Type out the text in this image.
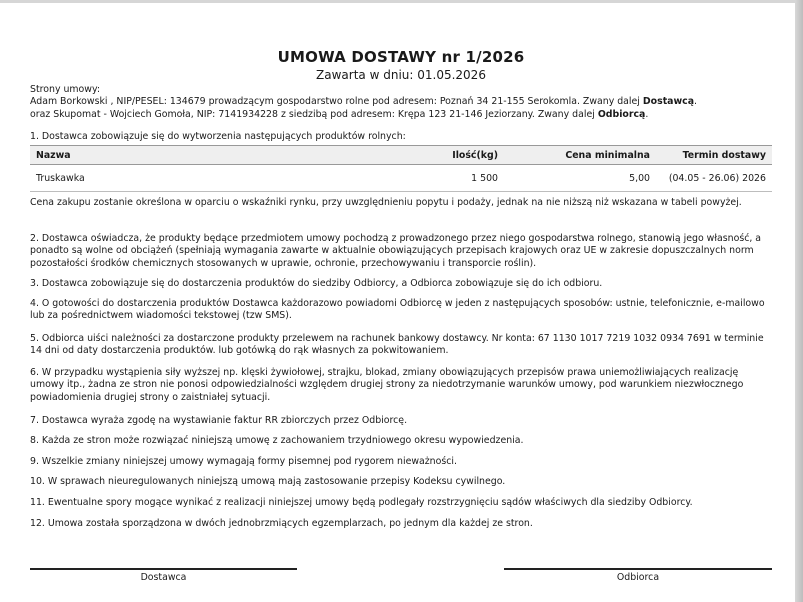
UMOWA DOSTAWY nr 1/2026
Zawarta w dniu: 01.05.2026
Strony umowy:
Adam Borkowski , NIP/PESEL: 134679 prowadzącym gospodarstwo rolne pod adresem: Poznań 34 21-155 Serokomla. Zwany dalej Dostawcą.
oraz Skupomat - Wojciech Gomoła, NIP: 7141934228 z siedzibą pod adresem: Krępa 123 21-146 Jeziorzany. Zwany dalej Odbiorcą.
1. Dostawca zobowiązuje się do wytworzenia następujących produktów rolnych:
Nazwa	Ilość(kg)	Cena minimalna	Termin dostawy
Truskawka	1 500	5,00	(04.05 - 26.06) 2026
Cena zakupu zostanie określona w oparciu o wskaźniki rynku, przy uwzględnieniu popytu i podaży, jednak na nie niższą niż wskazana w tabeli powyżej.
2. Dostawca oświadcza, że produkty będące przedmiotem umowy pochodzą z prowadzonego przez niego gospodarstwa rolnego, stanowią jego własność, a ponadto są wolne od obciążeń (spełniają wymagania zawarte w aktualnie obowiązujących przepisach krajowych oraz UE w zakresie dopuszczalnych norm pozostałości środków chemicznych stosowanych w uprawie, ochronie, przechowywaniu i transporcie roślin).
3. Dostawca zobowiązuje się do dostarczenia produktów do siedziby Odbiorcy, a Odbiorca zobowiązuje się do ich odbioru.
4. O gotowości do dostarczenia produktów Dostawca każdorazowo powiadomi Odbiorcę w jeden z następujących sposobów: ustnie, telefonicznie, e-mailowo lub za pośrednictwem wiadomości tekstowej (tzw SMS).
5. Odbiorca uiści należności za dostarczone produkty przelewem na rachunek bankowy dostawcy. Nr konta: 67 1130 1017 7219 1032 0934 7691 w terminie 14 dni od daty dostarczenia produktów. lub gotówką do rąk własnych za pokwitowaniem.
6. W przypadku wystąpienia siły wyższej np. klęski żywiołowej, strajku, blokad, zmiany obowiązujących przepisów prawa uniemożliwiających realizację umowy itp., żadna ze stron nie ponosi odpowiedzialności względem drugiej strony za niedotrzymanie warunków umowy, pod warunkiem niezwłocznego powiadomienia drugiej strony o zaistniałej sytuacji.
7. Dostawca wyraża zgodę na wystawianie faktur RR zbiorczych przez Odbiorcę.
8. Każda ze stron może rozwiązać niniejszą umowę z zachowaniem trzydniowego okresu wypowiedzenia.
9. Wszelkie zmiany niniejszej umowy wymagają formy pisemnej pod rygorem nieważności.
10. W sprawach nieuregulowanych niniejszą umową mają zastosowanie przepisy Kodeksu cywilnego.
11. Ewentualne spory mogące wynikać z realizacji niniejszej umowy będą podlegały rozstrzygnięciu sądów właściwych dla siedziby Odbiorcy.
12. Umowa została sporządzona w dwóch jednobrzmiących egzemplarzach, po jednym dla każdej ze stron.
Dostawca	Odbiorca
